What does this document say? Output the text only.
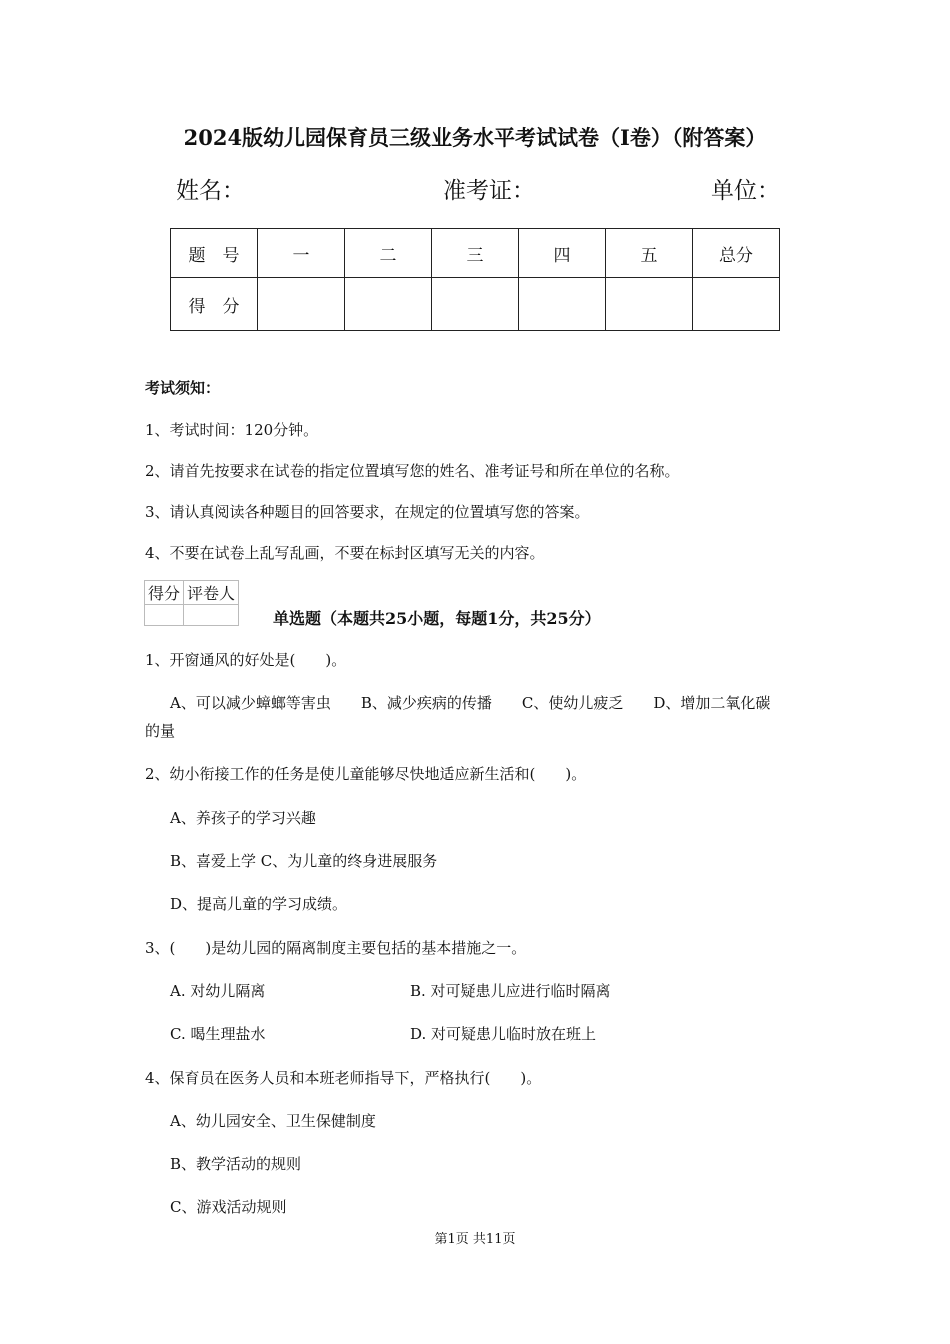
2024版幼儿园保育员三级业务水平考试试卷（I卷）（附答案）
姓名：	准考证：	单位：
题　号	一	二	三	四	五	总分
得　分						
考试须知：
1、考试时间：120分钟。
2、请首先按要求在试卷的指定位置填写您的姓名、准考证号和所在单位的名称。
3、请认真阅读各种题目的回答要求，在规定的位置填写您的答案。
4、不要在试卷上乱写乱画，不要在标封区填写无关的内容。
得分	评卷人

单选题（本题共25小题，每题1分，共25分）
1、开窗通风的好处是(　　)。
A、可以减少蟑螂等害虫　　B、减少疾病的传播　　C、使幼儿疲乏　　D、增加二氧化碳
的量
2、幼小衔接工作的任务是使儿童能够尽快地适应新生活和(　　)。
A、养孩子的学习兴趣
B、喜爱上学 C、为儿童的终身进展服务
D、提高儿童的学习成绩。
3、(　　)是幼儿园的隔离制度主要包括的基本措施之一。
A. 对幼儿隔离	B. 对可疑患儿应进行临时隔离
C. 喝生理盐水	D. 对可疑患儿临时放在班上
4、保育员在医务人员和本班老师指导下，严格执行(　　)。
A、幼儿园安全、卫生保健制度
B、教学活动的规则
C、游戏活动规则
第1页 共11页
